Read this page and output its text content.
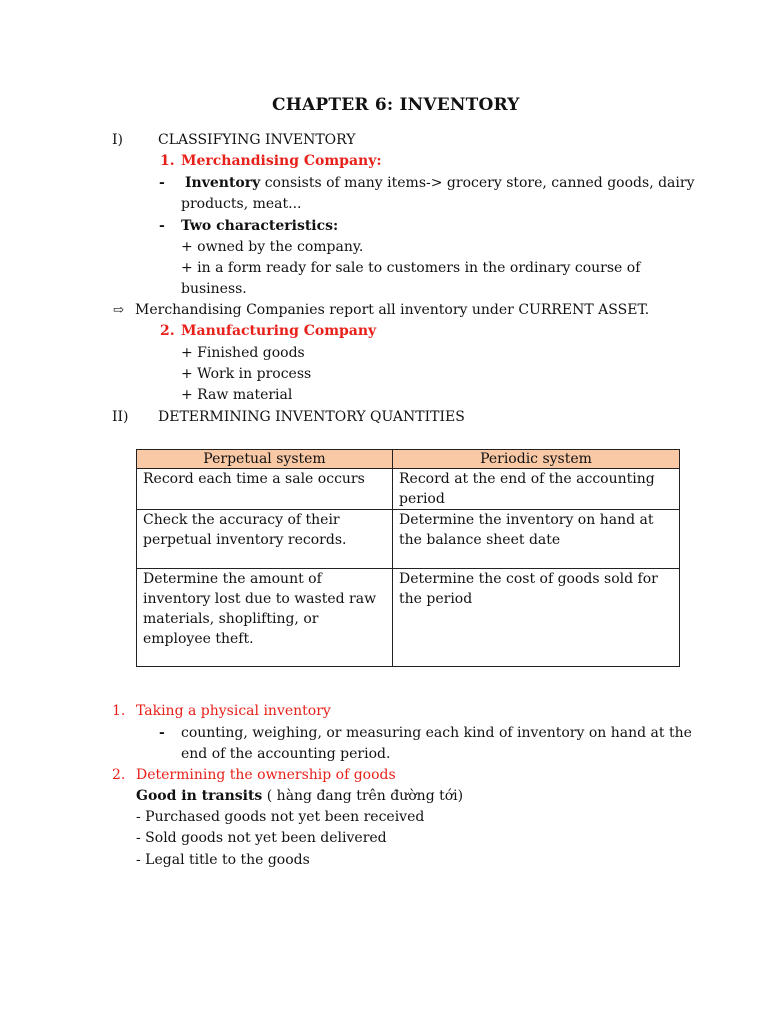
CHAPTER 6: INVENTORY
I)	CLASSIFYING INVENTORY
1. Merchandising Company:
- Inventory consists of many items-> grocery store, canned goods, dairy
products, meat...
- Two characteristics:
+ owned by the company.
+ in a form ready for sale to customers in the ordinary course of
business.
⇨ Merchandising Companies report all inventory under CURRENT ASSET.
2. Manufacturing Company
+ Finished goods
+ Work in process
+ Raw material
II) DETERMINING INVENTORY QUANTITIES
Perpetual system	Periodic system
Record each time a sale occurs	Record at the end of the accounting period
Check the accuracy of their perpetual inventory records.	Determine the inventory on hand at the balance sheet date
Determine the amount of inventory lost due to wasted raw materials, shoplifting, or employee theft.	Determine the cost of goods sold for the period
1. Taking a physical inventory
- counting, weighing, or measuring each kind of inventory on hand at the
end of the accounting period.
2. Determining the ownership of goods
Good in transits ( hàng đang trên đường tới)
- Purchased goods not yet been received
- Sold goods not yet been delivered
- Legal title to the goods
